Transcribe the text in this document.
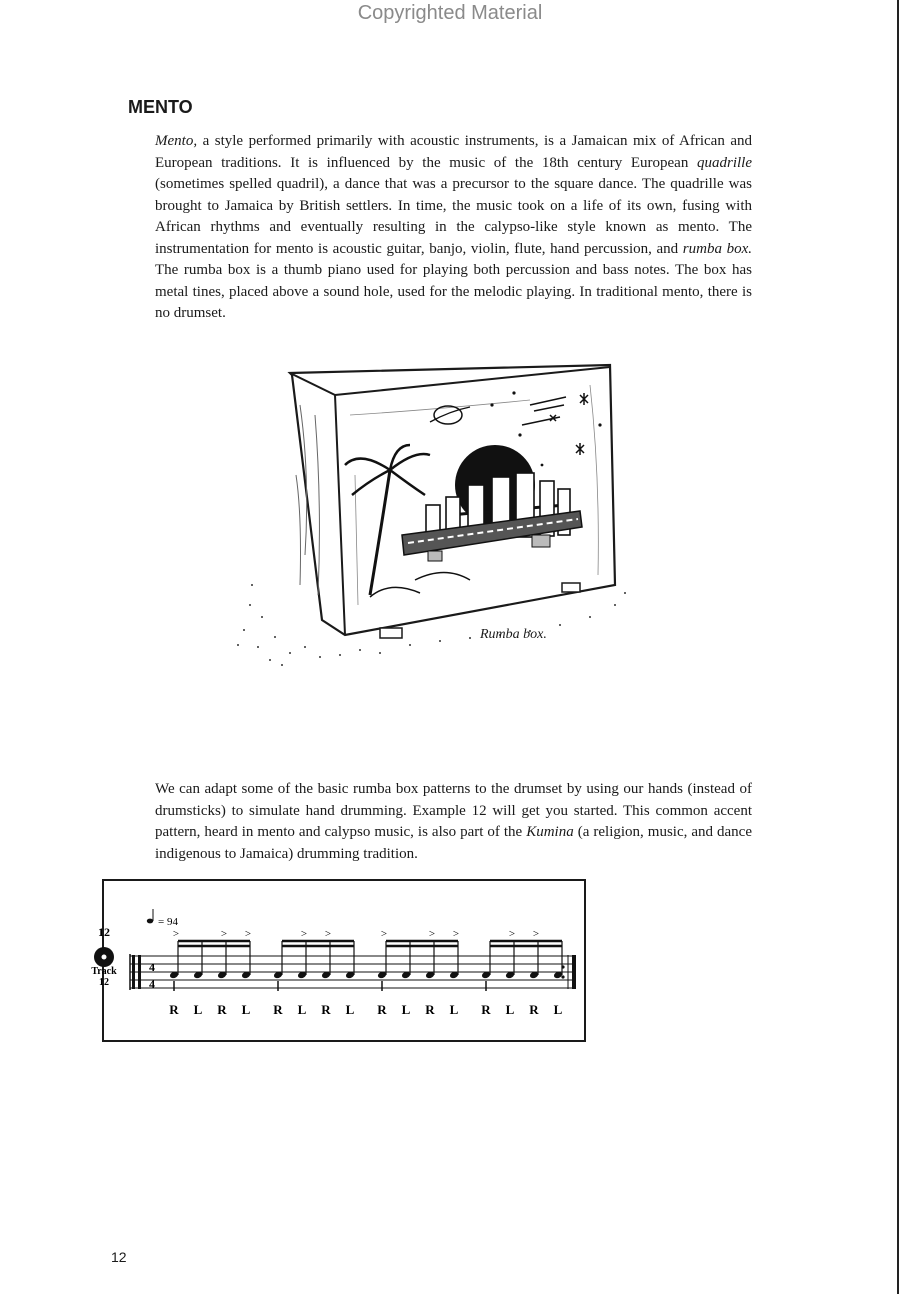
Copyrighted Material
MENTO

Mento, a style performed primarily with acoustic instruments, is a Jamaican mix of African and European traditions. It is influenced by the music of the 18th century European quadrille (sometimes spelled quadril), a dance that was a precursor to the square dance. The quadrille was brought to Jamaica by British settlers. In time, the music took on a life of its own, fusing with African rhythms and eventually resulting in the calypso-like style known as mento. The instrumentation for mento is acoustic guitar, banjo, violin, flute, hand percussion, and rumba box. The rumba box is a thumb piano used for playing both percussion and bass notes. The box has metal tines, placed above a sound hole, used for the melodic playing. In traditional mento, there is no drumset.

Rumba box.

We can adapt some of the basic rumba box patterns to the drumset by using our hands (instead of drumsticks) to simulate hand drumming. Example 12 will get you started. This common accent pattern, heard in mento and calypso music, is also part of the Kumina (a religion, music, and dance indigenous to Jamaica) drumming tradition.

12
Track
12
= 94
4
4
>
R L
>
R
>
L R
>
L
>
R L
>
R L
>
R
>
L R
>
L
>
R L
12
